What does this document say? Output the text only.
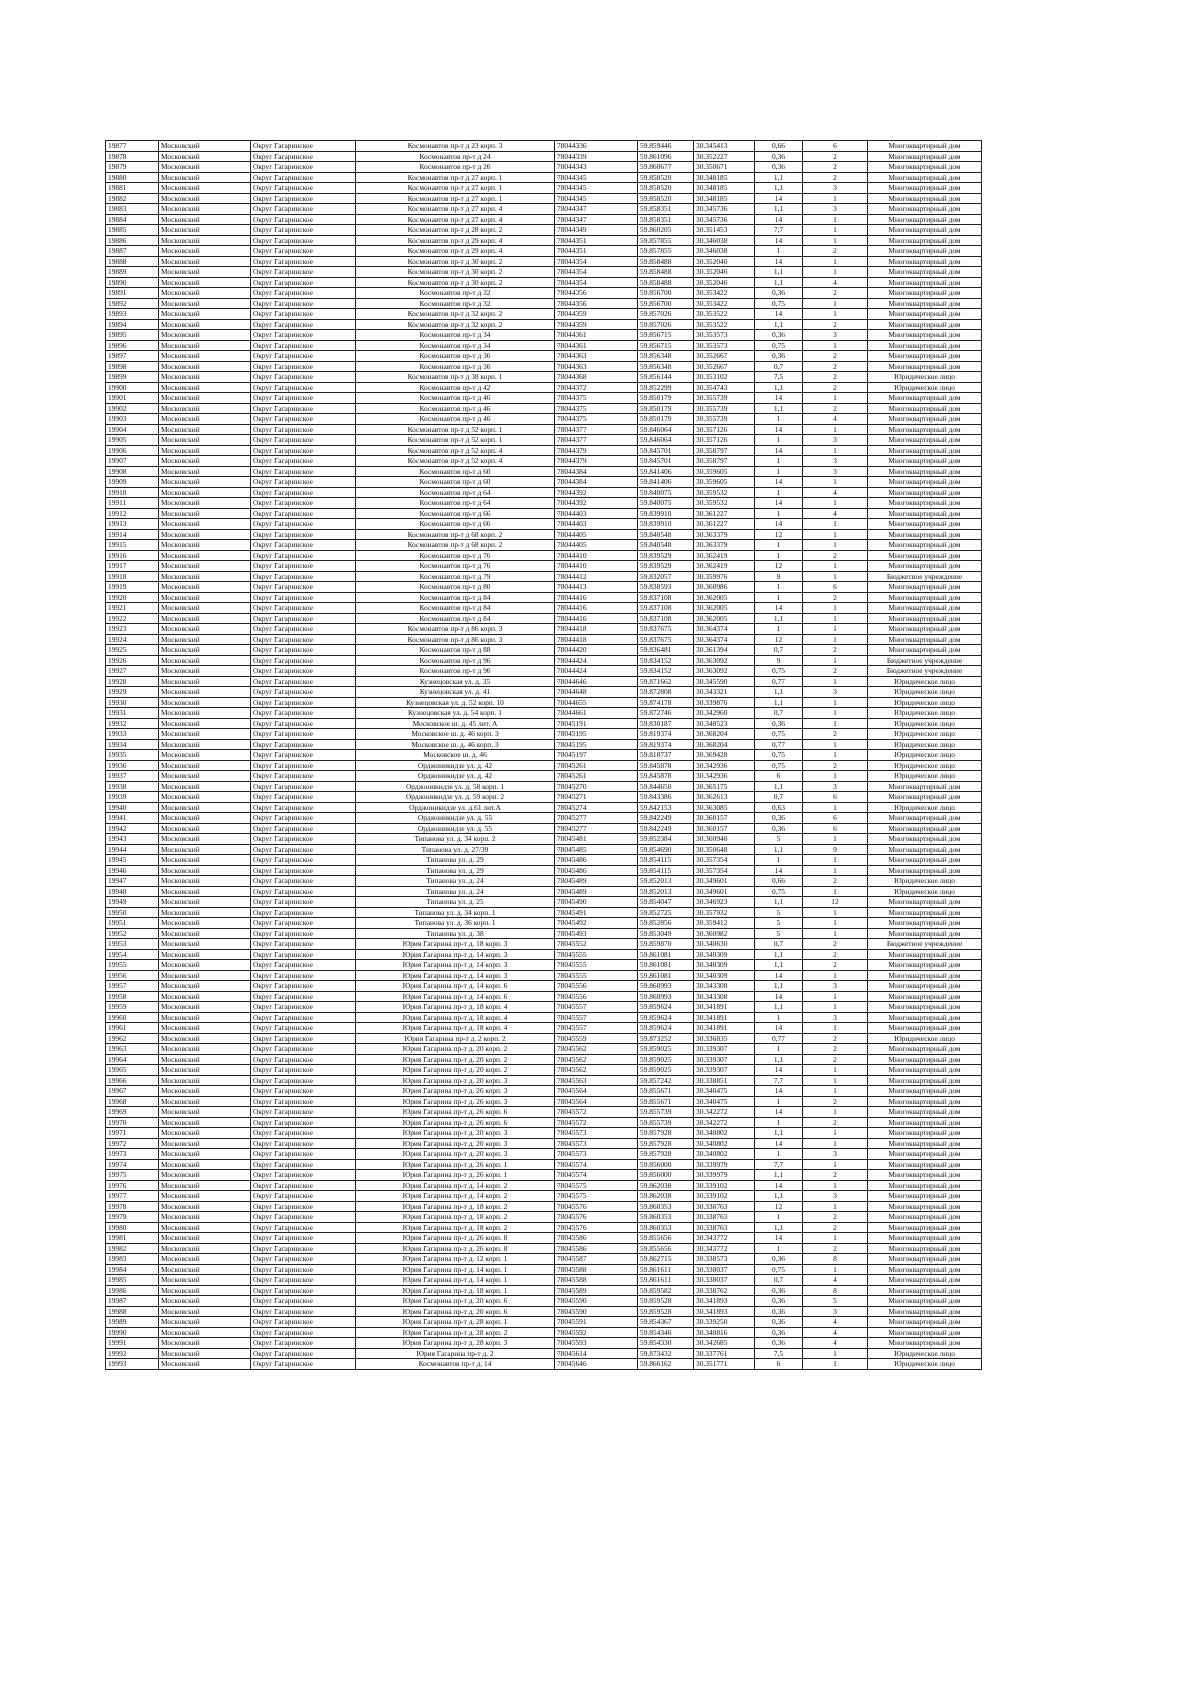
19877	Московский	Округ Гагаринское	Космонавтов пр-т д 23 корп. 3	78044336	59.859446	30.345413	0,66	6	Многоквартирный дом
19878	Московский	Округ Гагаринское	Космонавтов пр-т д 24	78044339	59.861096	30.352227	0,36	2	Многоквартирный дом
19879	Московский	Округ Гагаринское	Космонавтов пр-т д 26	78044343	59.860677	30.350671	0,36	2	Многоквартирный дом
19880	Московский	Округ Гагаринское	Космонавтов пр-т д 27 корп. 1	78044345	59.858520	30.348185	1,1	2	Многоквартирный дом
19881	Московский	Округ Гагаринское	Космонавтов пр-т д 27 корп. 1	78044345	59.858520	30.348185	1,1	3	Многоквартирный дом
19882	Московский	Округ Гагаринское	Космонавтов пр-т д 27 корп. 1	78044345	59.858520	30.348185	14	1	Многоквартирный дом
19883	Московский	Округ Гагаринское	Космонавтов пр-т д 27 корп. 4	78044347	59.858351	30.345736	1,1	3	Многоквартирный дом
19884	Московский	Округ Гагаринское	Космонавтов пр-т д 27 корп. 4	78044347	59.858351	30.345736	14	1	Многоквартирный дом
19885	Московский	Округ Гагаринское	Космонавтов пр-т д 28 корп. 2	78044349	59.860205	30.351453	7,7	1	Многоквартирный дом
19886	Московский	Округ Гагаринское	Космонавтов пр-т д 29 корп. 4	78044351	59.857855	30.346038	14	1	Многоквартирный дом
19887	Московский	Округ Гагаринское	Космонавтов пр-т д 29 корп. 4	78044351	59.857855	30.346038	1	2	Многоквартирный дом
19888	Московский	Округ Гагаринское	Космонавтов пр-т д 30 корп. 2	78044354	59.858488	30.352046	14	1	Многоквартирный дом
19889	Московский	Округ Гагаринское	Космонавтов пр-т д 30 корп. 2	78044354	59.858488	30.352046	1,1	1	Многоквартирный дом
19890	Московский	Округ Гагаринское	Космонавтов пр-т д 30 корп. 2	78044354	59.858488	30.352046	1,1	4	Многоквартирный дом
19891	Московский	Округ Гагаринское	Космонавтов пр-т д 32	78044356	59.856700	30.353422	0,36	2	Многоквартирный дом
19892	Московский	Округ Гагаринское	Космонавтов пр-т д 32	78044356	59.856700	30.353422	0,75	1	Многоквартирный дом
19893	Московский	Округ Гагаринское	Космонавтов пр-т д 32 корп. 2	78044359	59.857026	30.353522	14	1	Многоквартирный дом
19894	Московский	Округ Гагаринское	Космонавтов пр-т д 32 корп. 2	78044359	59.857026	30.353522	1,1	2	Многоквартирный дом
19895	Московский	Округ Гагаринское	Космонавтов пр-т д 34	78044361	59.856715	30.353573	0,36	3	Многоквартирный дом
19896	Московский	Округ Гагаринское	Космонавтов пр-т д 34	78044361	59.856715	30.353573	0,75	1	Многоквартирный дом
19897	Московский	Округ Гагаринское	Космонавтов пр-т д 36	78044363	59.856348	30.352667	0,36	2	Многоквартирный дом
19898	Московский	Округ Гагаринское	Космонавтов пр-т д 36	78044363	59.856348	30.352667	0,7	2	Многоквартирный дом
19899	Московский	Округ Гагаринское	Космонавтов пр-т д 38 корп. 1	78044368	59.856144	30.353102	7,5	2	Юридическое лицо
19900	Московский	Округ Гагаринское	Космонавтов пр-т д 42	78044372	59.852299	30.354743	1,1	2	Юридическое лицо
19901	Московский	Округ Гагаринское	Космонавтов пр-т д 46	78044375	59.850179	30.355739	14	1	Многоквартирный дом
19902	Московский	Округ Гагаринское	Космонавтов пр-т д 46	78044375	59.850179	30.355739	1,1	2	Многоквартирный дом
19903	Московский	Округ Гагаринское	Космонавтов пр-т д 46	78044375	59.850179	30.355739	1	4	Многоквартирный дом
19904	Московский	Округ Гагаринское	Космонавтов пр-т д 52 корп. 1	78044377	59.846064	30.357126	14	1	Многоквартирный дом
19905	Московский	Округ Гагаринское	Космонавтов пр-т д 52 корп. 1	78044377	59.846064	30.357126	1	3	Многоквартирный дом
19906	Московский	Округ Гагаринское	Космонавтов пр-т д 52 корп. 4	78044379	59.845701	30.358797	14	1	Многоквартирный дом
19907	Московский	Округ Гагаринское	Космонавтов пр-т д 52 корп. 4	78044379	59.845701	30.358797	1	3	Многоквартирный дом
19908	Московский	Округ Гагаринское	Космонавтов пр-т д 60	78044384	59.841406	30.359605	1	3	Многоквартирный дом
19909	Московский	Округ Гагаринское	Космонавтов пр-т д 60	78044384	59.841406	30.359605	14	1	Многоквартирный дом
19910	Московский	Округ Гагаринское	Космонавтов пр-т д 64	78044392	59.840075	30.359532	1	4	Многоквартирный дом
19911	Московский	Округ Гагаринское	Космонавтов пр-т д 64	78044392	59.840075	30.359532	14	1	Многоквартирный дом
19912	Московский	Округ Гагаринское	Космонавтов пр-т д 66	78044403	59.839910	30.361227	1	4	Многоквартирный дом
19913	Московский	Округ Гагаринское	Космонавтов пр-т д 66	78044403	59.839910	30.361227	14	1	Многоквартирный дом
19914	Московский	Округ Гагаринское	Космонавтов пр-т д 68 корп. 2	78044405	59.840548	30.363379	12	1	Многоквартирный дом
19915	Московский	Округ Гагаринское	Космонавтов пр-т д 68 корп. 2	78044405	59.840548	30.363379	1	1	Многоквартирный дом
19916	Московский	Округ Гагаринское	Космонавтов пр-т д 76	78044410	59.839529	30.362419	1	2	Многоквартирный дом
19917	Московский	Округ Гагаринское	Космонавтов пр-т д 76	78044410	59.839529	30.362419	12	1	Многоквартирный дом
19918	Московский	Округ Гагаринское	Космонавтов пр-т д 79	78044412	59.832057	30.359976	9	1	Бюджетное учреждение
19919	Московский	Округ Гагаринское	Космонавтов пр-т д 80	78044413	59.838593	30.360986	1	6	Многоквартирный дом
19920	Московский	Округ Гагаринское	Космонавтов пр-т д 84	78044416	59.837108	30.362005	1	2	Многоквартирный дом
19921	Московский	Округ Гагаринское	Космонавтов пр-т д 84	78044416	59.837108	30.362005	14	1	Многоквартирный дом
19922	Московский	Округ Гагаринское	Космонавтов пр-т д 84	78044416	59.837108	30.362005	1,1	1	Многоквартирный дом
19923	Московский	Округ Гагаринское	Космонавтов пр-т д 86 корп. 3	78044418	59.837675	30.364374	1	1	Многоквартирный дом
19924	Московский	Округ Гагаринское	Космонавтов пр-т д 86 корп. 3	78044418	59.837675	30.364374	12	1	Многоквартирный дом
19925	Московский	Округ Гагаринское	Космонавтов пр-т д 88	78044420	59.836481	30.361394	0,7	2	Многоквартирный дом
19926	Московский	Округ Гагаринское	Космонавтов пр-т д 96	78044424	59.834152	30.363092	9	1	Бюджетное учреждение
19927	Московский	Округ Гагаринское	Космонавтов пр-т д 96	78044424	59.834152	30.363092	0,75	2	Бюджетное учреждение
19928	Московский	Округ Гагаринское	Кузнецовская ул. д. 35	78044646	59.871662	30.345590	0,77	1	Юридическое лицо
19929	Московский	Округ Гагаринское	Кузнецовская ул. д. 41	78044648	59.872808	30.343321	1,1	3	Юридическое лицо
19930	Московский	Округ Гагаринское	Кузнецовская ул. д. 52 корп. 10	78044655	59.874178	30.339876	1,1	1	Юридическое лицо
19931	Московский	Округ Гагаринское	Кузнецовская ул. д. 54 корп. 1	78044661	59.872746	30.342960	0,7	1	Юридическое лицо
19932	Московский	Округ Гагаринское	Московское ш. д. 45 лит. А	78045191	59.830187	30.348523	0,36	1	Юридическое лицо
19933	Московский	Округ Гагаринское	Московское ш. д. 46 корп. 3	78045195	59.819374	30.368204	0,75	2	Юридическое лицо
19934	Московский	Округ Гагаринское	Московское ш. д. 46 корп. 3	78045195	59.819374	30.368204	0,77	1	Юридическое лицо
19935	Московский	Округ Гагаринское	Московское ш. д. 46	78045197	59.818737	30.369428	0,75	1	Юридическое лицо
19936	Московский	Округ Гагаринское	Орджоникидзе ул. д. 42	78045261	59.845878	30.342936	0,75	2	Юридическое лицо
19937	Московский	Округ Гагаринское	Орджоникидзе ул. д. 42	78045261	59.845878	30.342936	6	1	Юридическое лицо
19938	Московский	Округ Гагаринское	Орджоникидзе ул. д. 58 корп. 1	78045270	59.844650	30.365175	1,1	3	Многоквартирный дом
19939	Московский	Округ Гагаринское	Орджоникидзе ул. д. 59 корп. 2	78045271	59.843386	30.362613	0,7	6	Многоквартирный дом
19940	Московский	Округ Гагаринское	Орджоникидзе ул. д.61 лит.А	78045274	59.842153	30.363085	0,63	1	Юридическое лицо
19941	Московский	Округ Гагаринское	Орджоникидзе ул. д. 55	78045277	59.842249	30.360157	0,36	6	Многоквартирный дом
19942	Московский	Округ Гагаринское	Орджоникидзе ул. д. 55	78045277	59.842249	30.360157	0,36	6	Многоквартирный дом
19943	Московский	Округ Гагаринское	Типанова ул. д. 34 корп. 2	78045481	59.852384	30.360946	5	1	Многоквартирный дом
19944	Московский	Округ Гагаринское	Типанова ул. д. 27/39	78045485	59.854690	30.350648	1,1	9	Многоквартирный дом
19945	Московский	Округ Гагаринское	Типанова ул. д. 29	78045486	59.854115	30.357354	1	1	Многоквартирный дом
19946	Московский	Округ Гагаринское	Типанова ул. д. 29	78045486	59.854115	30.357354	14	1	Многоквартирный дом
19947	Московский	Округ Гагаринское	Типанова ул. д. 24	78045489	59.852013	30.349601	0,66	2	Юридическое лицо
19948	Московский	Округ Гагаринское	Типанова ул. д. 24	78045489	59.852013	30.349601	0,75	1	Юридическое лицо
19949	Московский	Округ Гагаринское	Типанова ул. д. 25	78045490	59.854047	30.346923	1,1	12	Многоквартирный дом
19950	Московский	Округ Гагаринское	Типанова ул. д. 34 корп. 1	78045491	59.852725	30.357932	5	1	Многоквартирный дом
19951	Московский	Округ Гагаринское	Типанова ул. д. 36 корп. 1	78045492	59.852856	30.359412	5	1	Многоквартирный дом
19952	Московский	Округ Гагаринское	Типанова ул. д. 38	78045493	59.853049	30.360982	5	1	Многоквартирный дом
19953	Московский	Округ Гагаринское	Юрия Гагарина пр-т д. 18 корп. 3	78045552	59.859870	30.340630	0,7	2	Бюджетное учреждение
19954	Московский	Округ Гагаринское	Юрия Гагарина пр-т д. 14 корп. 3	78045555	59.861081	30.340309	1,1	2	Многоквартирный дом
19955	Московский	Округ Гагаринское	Юрия Гагарина пр-т д. 14 корп. 3	78045555	59.861081	30.340309	1,1	2	Многоквартирный дом
19956	Московский	Округ Гагаринское	Юрия Гагарина пр-т д. 14 корп. 3	78045555	59.861081	30.340309	14	1	Многоквартирный дом
19957	Московский	Округ Гагаринское	Юрия Гагарина пр-т д. 14 корп. 6	78045556	59.860993	30.343308	1,1	3	Многоквартирный дом
19958	Московский	Округ Гагаринское	Юрия Гагарина пр-т д. 14 корп. 6	78045556	59.860993	30.343308	14	1	Многоквартирный дом
19959	Московский	Округ Гагаринское	Юрия Гагарина пр-т д. 18 корп. 4	78045557	59.859624	30.341891	1,1	1	Многоквартирный дом
19960	Московский	Округ Гагаринское	Юрия Гагарина пр-т д. 18 корп. 4	78045557	59.859624	30.341891	1	3	Многоквартирный дом
19961	Московский	Округ Гагаринское	Юрия Гагарина пр-т д. 18 корп. 4	78045557	59.859624	30.341891	14	1	Многоквартирный дом
19962	Московский	Округ Гагаринское	Юрия Гагарина пр-т д. 2 корп. 2	78045559	59.873252	30.336835	0,77	2	Юридическое лицо
19963	Московский	Округ Гагаринское	Юрия Гагарина пр-т д. 20 корп. 2	78045562	59.859025	30.339307	1	2	Многоквартирный дом
19964	Московский	Округ Гагаринское	Юрия Гагарина пр-т д. 20 корп. 2	78045562	59.859025	30.339307	1,1	2	Многоквартирный дом
19965	Московский	Округ Гагаринское	Юрия Гагарина пр-т д. 20 корп. 2	78045562	59.859025	30.339307	14	1	Многоквартирный дом
19966	Московский	Округ Гагаринское	Юрия Гагарина пр-т д. 20 корп. 3	78045563	59.857242	30.338851	7,7	1	Многоквартирный дом
19967	Московский	Округ Гагаринское	Юрия Гагарина пр-т д. 26 корп. 3	78045564	59.855671	30.340475	14	1	Многоквартирный дом
19968	Московский	Округ Гагаринское	Юрия Гагарина пр-т д. 26 корп. 3	78045564	59.855671	30.340475	1	2	Многоквартирный дом
19969	Московский	Округ Гагаринское	Юрия Гагарина пр-т д. 26 корп. 6	78045572	59.855739	30.342272	14	1	Многоквартирный дом
19970	Московский	Округ Гагаринское	Юрия Гагарина пр-т д. 26 корп. 6	78045572	59.855739	30.342272	1	2	Многоквартирный дом
19971	Московский	Округ Гагаринское	Юрия Гагарина пр-т д. 20 корп. 3	78045573	59.857928	30.340802	1,1	1	Многоквартирный дом
19972	Московский	Округ Гагаринское	Юрия Гагарина пр-т д. 20 корп. 3	78045573	59.857928	30.340802	14	1	Многоквартирный дом
19973	Московский	Округ Гагаринское	Юрия Гагарина пр-т д. 20 корп. 3	78045573	59.857928	30.340802	1	3	Многоквартирный дом
19974	Московский	Округ Гагаринское	Юрия Гагарина пр-т д. 26 корп. 1	78045574	59.856000	30.339979	7,7	1	Многоквартирный дом
19975	Московский	Округ Гагаринское	Юрия Гагарина пр-т д. 26 корп. 1	78045574	59.856000	30.339979	1,1	2	Многоквартирный дом
19976	Московский	Округ Гагаринское	Юрия Гагарина пр-т д. 14 корп. 2	78045575	59.862038	30.339102	14	1	Многоквартирный дом
19977	Московский	Округ Гагаринское	Юрия Гагарина пр-т д. 14 корп. 2	78045575	59.862038	30.339102	1,1	3	Многоквартирный дом
19978	Московский	Округ Гагаринское	Юрия Гагарина пр-т д. 18 корп. 2	78045576	59.860353	30.338763	12	1	Многоквартирный дом
19979	Московский	Округ Гагаринское	Юрия Гагарина пр-т д. 18 корп. 2	78045576	59.860353	30.338763	1	2	Многоквартирный дом
19980	Московский	Округ Гагаринское	Юрия Гагарина пр-т д. 18 корп. 2	78045576	59.860353	30.338763	1,1	2	Многоквартирный дом
19981	Московский	Округ Гагаринское	Юрия Гагарина пр-т д. 26 корп. 8	78045586	59.855656	30.343772	14	1	Многоквартирный дом
19982	Московский	Округ Гагаринское	Юрия Гагарина пр-т д. 26 корп. 8	78045586	59.855656	30.343772	1	2	Многоквартирный дом
19983	Московский	Округ Гагаринское	Юрия Гагарина пр-т д. 12 корп. 1	78045587	59.862715	30.338573	0,36	8	Многоквартирный дом
19984	Московский	Округ Гагаринское	Юрия Гагарина пр-т д. 14 корп. 1	78045588	59.861611	30.338037	0,75	1	Многоквартирный дом
19985	Московский	Округ Гагаринское	Юрия Гагарина пр-т д. 14 корп. 1	78045588	59.861611	30.338037	0,7	4	Многоквартирный дом
19986	Московский	Округ Гагаринское	Юрия Гагарина пр-т д. 18 корп. 1	78045589	59.859582	30.338762	0,36	8	Многоквартирный дом
19987	Московский	Округ Гагаринское	Юрия Гагарина пр-т д. 20 корп. 6	78045590	59.859528	30.341893	0,36	5	Многоквартирный дом
19988	Московский	Округ Гагаринское	Юрия Гагарина пр-т д. 20 корп. 6	78045590	59.859528	30.341893	0,36	3	Многоквартирный дом
19989	Московский	Округ Гагаринское	Юрия Гагарина пр-т д. 28 корп. 1	78045591	59.854367	30.339250	0,36	4	Многоквартирный дом
19990	Московский	Округ Гагаринское	Юрия Гагарина пр-т д. 28 корп. 2	78045592	59.854346	30.340816	0,36	4	Многоквартирный дом
19991	Московский	Округ Гагаринское	Юрия Гагарина пр-т д. 28 корп. 3	78045593	59.854330	30.342685	0,36	4	Многоквартирный дом
19992	Московский	Округ Гагаринское	Юрия Гагарина пр-т д. 2	78045614	59.873432	30.337761	7,5	1	Юридическое лицо
19993	Московский	Округ Гагаринское	Космонавтов пр-т д. 14	78045646	59.866162	30.351771	6	1	Юридическое лицо
